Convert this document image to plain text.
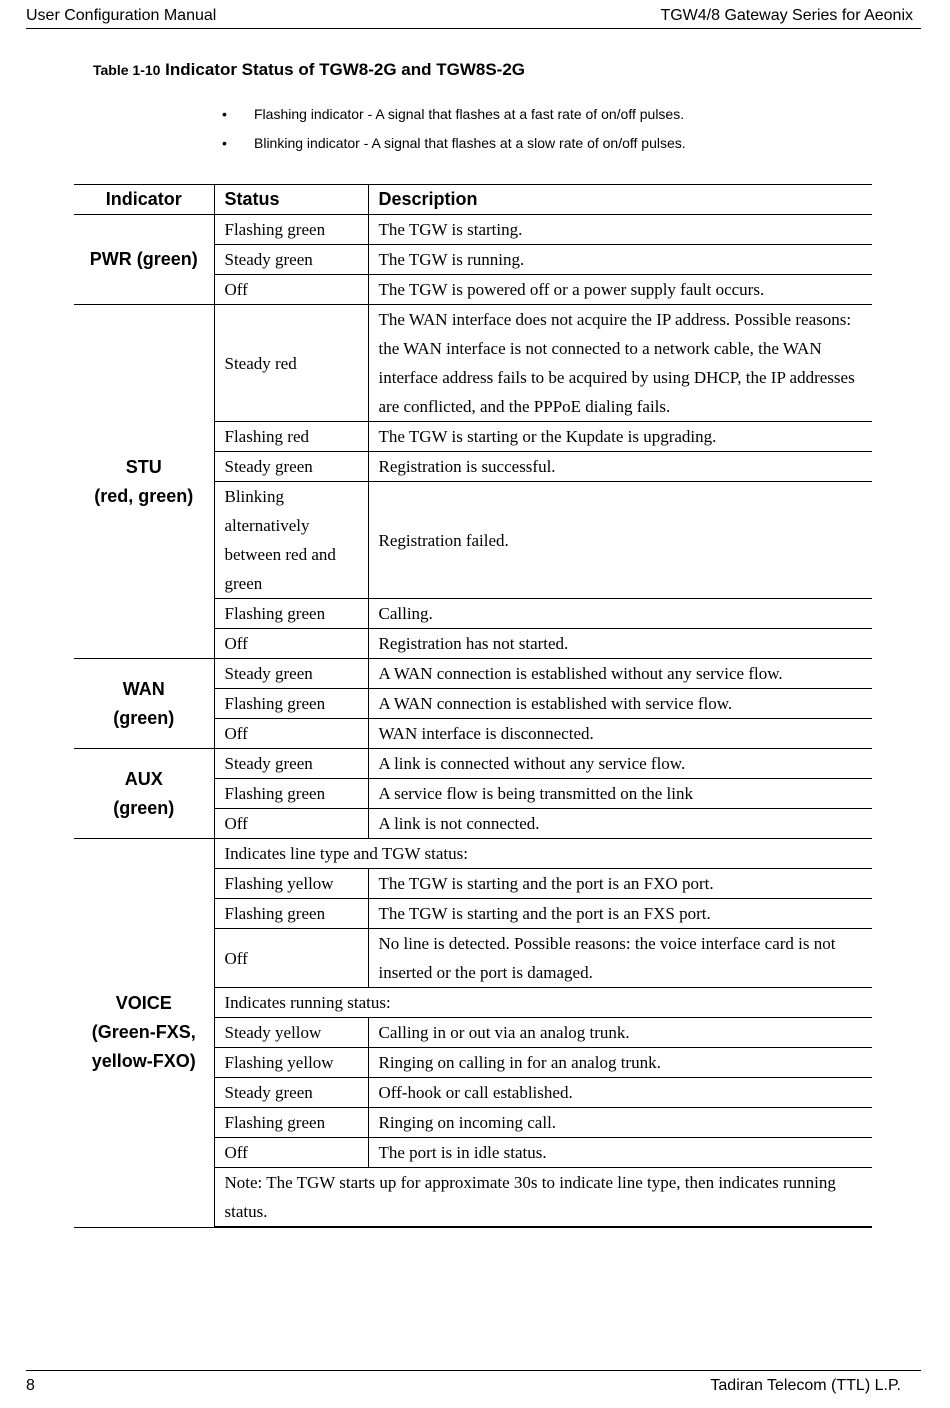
User Configuration Manual	TGW4/8 Gateway Series for Aeonix
Table 1-10 Indicator Status of TGW8-2G and TGW8S-2G
• Flashing indicator - A signal that flashes at a fast rate of on/off pulses.
• Blinking indicator - A signal that flashes at a slow rate of on/off pulses.
Indicator	Status	Description

PWR (green)	Flashing green	The TGW is starting.
	Steady green	The TGW is running.
	Off	The TGW is powered off or a power supply fault occurs.

STU
(red, green)	Steady red	The WAN interface does not acquire the IP address. Possible reasons: the WAN interface is not connected to a network cable, the WAN interface address fails to be acquired by using DHCP, the IP addresses are conflicted, and the PPPoE dialing fails.
	Flashing red	The TGW is starting or the Kupdate is upgrading.
	Steady green	Registration is successful.
	Blinking alternatively between red and green	Registration failed.
	Flashing green	Calling.
	Off	Registration has not started.

WAN
(green)	Steady green	A WAN connection is established without any service flow.
	Flashing green	A WAN connection is established with service flow.
	Off	WAN interface is disconnected.

AUX
(green)	Steady green	A link is connected without any service flow.
	Flashing green	A service flow is being transmitted on the link
	Off	A link is not connected.

VOICE
(Green-FXS,
yellow-FXO)	Indicates line type and TGW status:	
	Flashing yellow	The TGW is starting and the port is an FXO port.
	Flashing green	The TGW is starting and the port is an FXS port.
	Off	No line is detected. Possible reasons: the voice interface card is not inserted or the port is damaged.
	Indicates running status:	
	Steady yellow	Calling in or out via an analog trunk.
	Flashing yellow	Ringing on calling in for an analog trunk.
	Steady green	Off-hook or call established.
	Flashing green	Ringing on incoming call.
	Off	The port is in idle status.
	Note: The TGW starts up for approximate 30s to indicate line type, then indicates running status.	
8	Tadiran Telecom (TTL) L.P.
